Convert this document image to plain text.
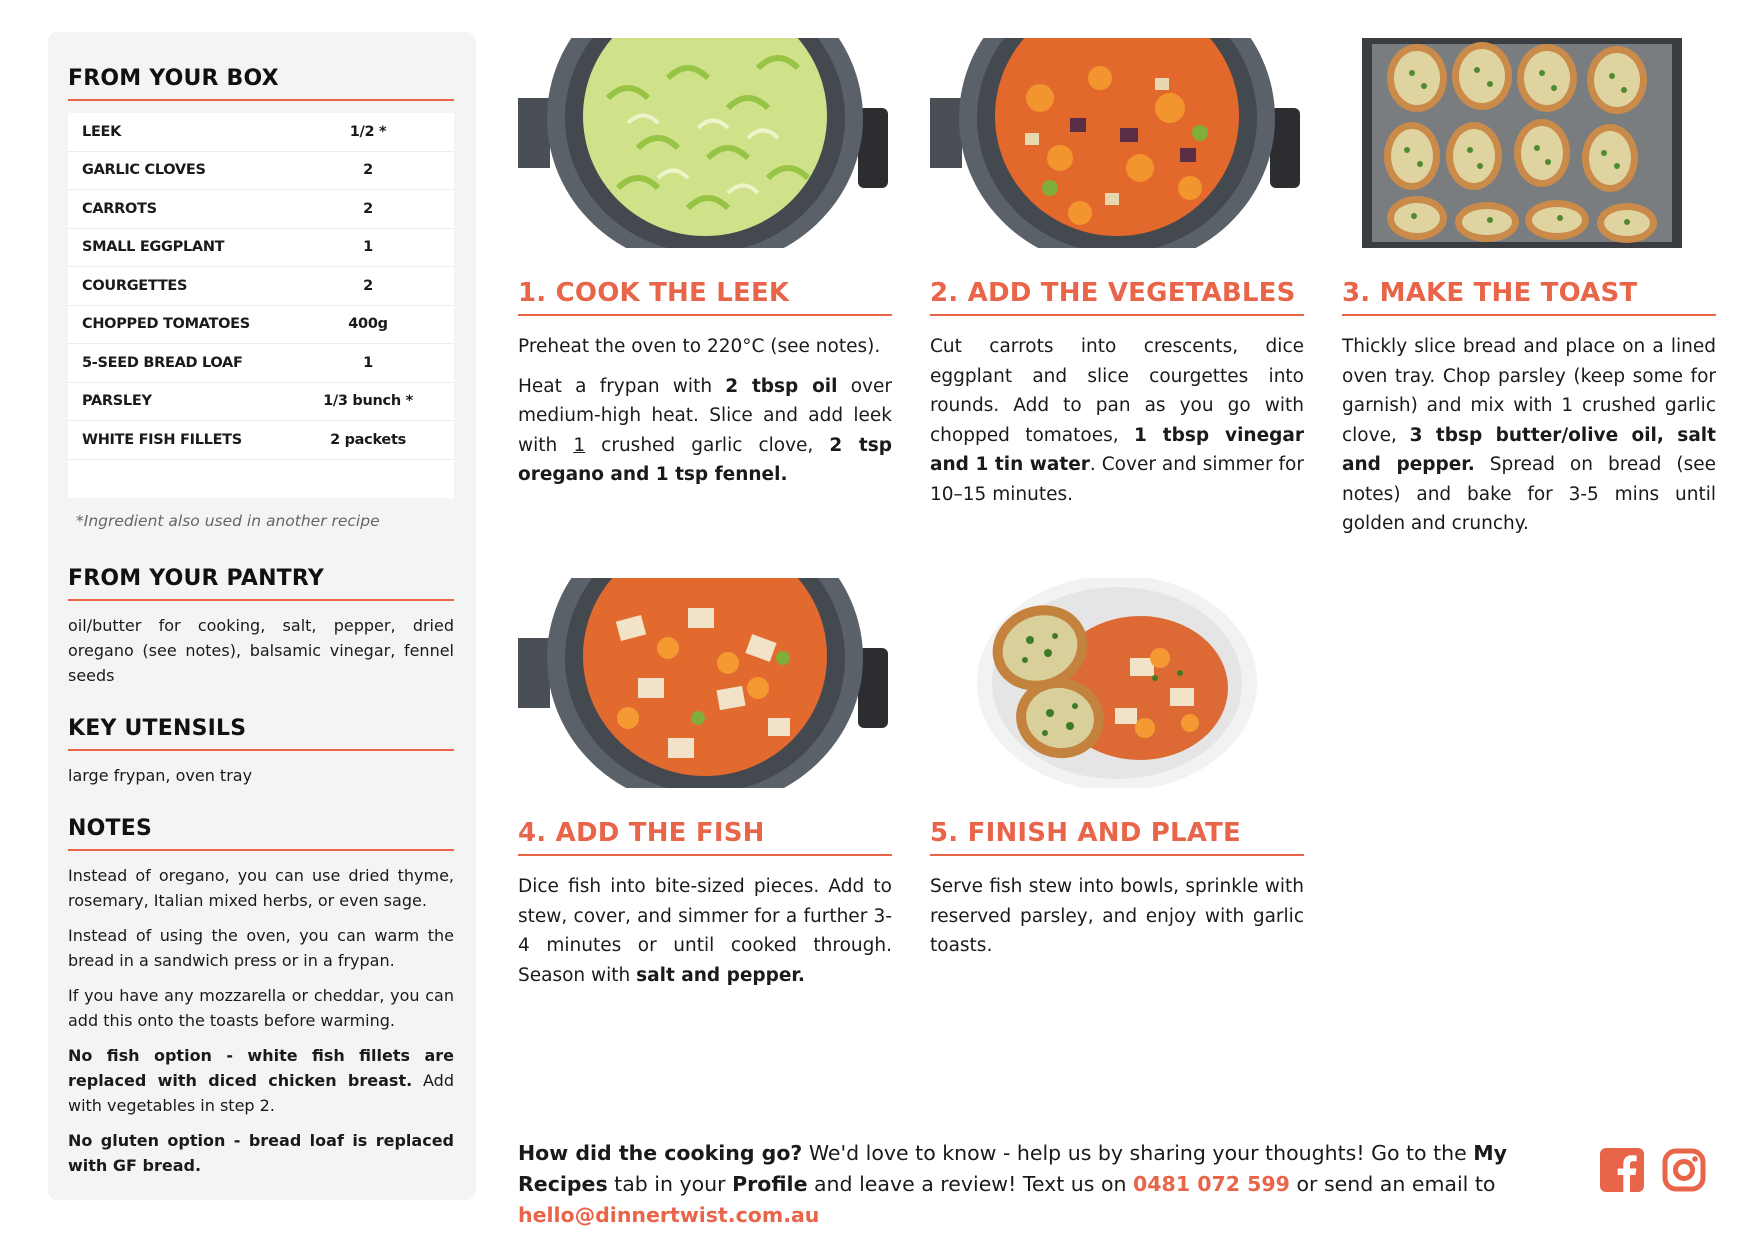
FROM YOUR BOX
LEEK	1/2 *
GARLIC CLOVES	2
CARROTS	2
SMALL EGGPLANT	1
COURGETTES	2
CHOPPED TOMATOES	400g
5-SEED BREAD LOAF	1
PARSLEY	1/3 bunch *
WHITE FISH FILLETS	2 packets
*Ingredient also used in another recipe
FROM YOUR PANTRY
oil/butter for cooking, salt, pepper, dried oregano (see notes), balsamic vinegar, fennel seeds
KEY UTENSILS
large frypan, oven tray
NOTES

Instead of oregano, you can use dried thyme, rosemary, Italian mixed herbs, or even sage.

Instead of using the oven, you can warm the bread in a sandwich press or in a frypan.

If you have any mozzarella or cheddar, you can add this onto the toasts before warming.

No fish option - white fish fillets are replaced with diced chicken breast. Add with vegetables in step 2.

No gluten option - bread loaf is replaced with GF bread.

1. COOK THE LEEK

Preheat the oven to 220°C (see notes).

Heat a frypan with 2 tbsp oil over medium-high heat. Slice and add leek with 1 crushed garlic clove, 2 tsp oregano and 1 tsp fennel.

2. ADD THE VEGETABLES

Cut carrots into crescents, dice eggplant and slice courgettes into rounds. Add to pan as you go with chopped tomatoes, 1 tbsp vinegar and 1 tin water. Cover and simmer for 10–15 minutes.

3. MAKE THE TOAST

Thickly slice bread and place on a lined oven tray. Chop parsley (keep some for garnish) and mix with 1 crushed garlic clove, 3 tbsp butter/olive oil, salt and pepper. Spread on bread (see notes) and bake for 3-5 mins until golden and crunchy.

4. ADD THE FISH

Dice fish into bite-sized pieces. Add to stew, cover, and simmer for a further 3-4 minutes or until cooked through. Season with salt and pepper.

5. FINISH AND PLATE

Serve fish stew into bowls, sprinkle with reserved parsley, and enjoy with garlic toasts.

How did the cooking go? We'd love to know - help us by sharing your thoughts! Go to the My Recipes tab in your Profile and leave a review! Text us on 0481 072 599 or send an email to hello@dinnertwist.com.au
